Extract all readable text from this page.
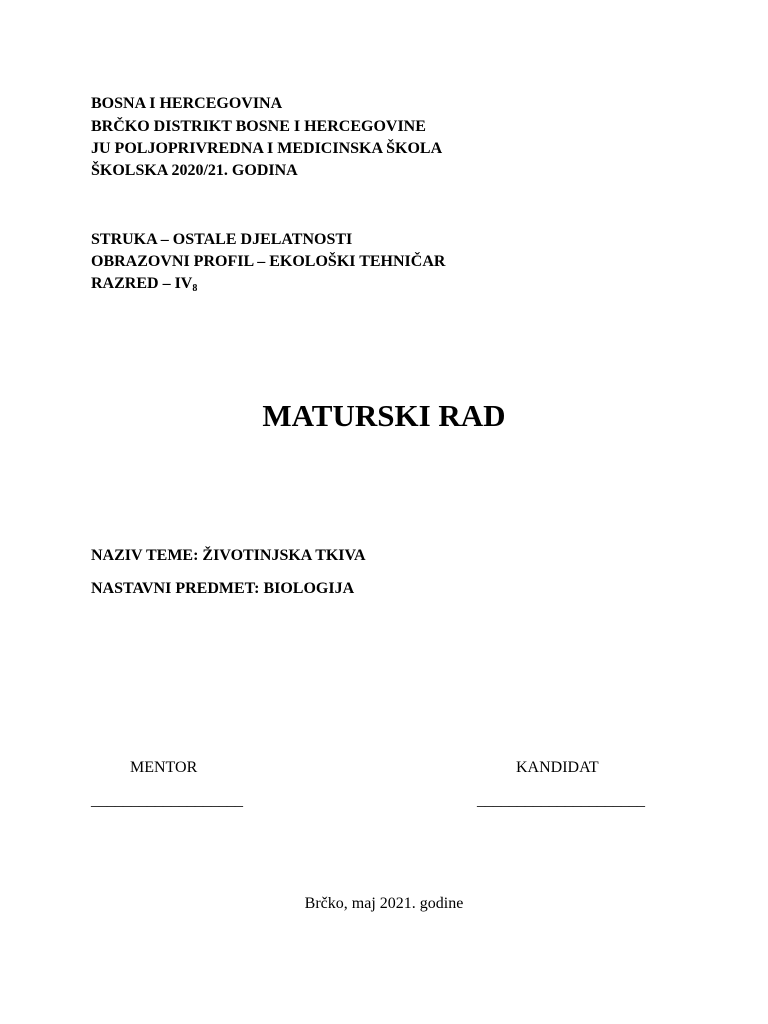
BOSNA I HERCEGOVINA
BRČKO DISTRIKT BOSNE I HERCEGOVINE
JU POLJOPRIVREDNA I MEDICINSKA ŠKOLA
ŠKOLSKA 2020/21. GODINA
STRUKA – OSTALE DJELATNOSTI
OBRAZOVNI PROFIL – EKOLOŠKI TEHNIČAR
RAZRED – $IV_8$
MATURSKI RAD
NAZIV TEME: ŽIVOTINJSKA TKIVA
NASTAVNI PREDMET: BIOLOGIJA
MENTOR	KANDIDAT
___________________	_____________________
Brčko, maj 2021. godine
